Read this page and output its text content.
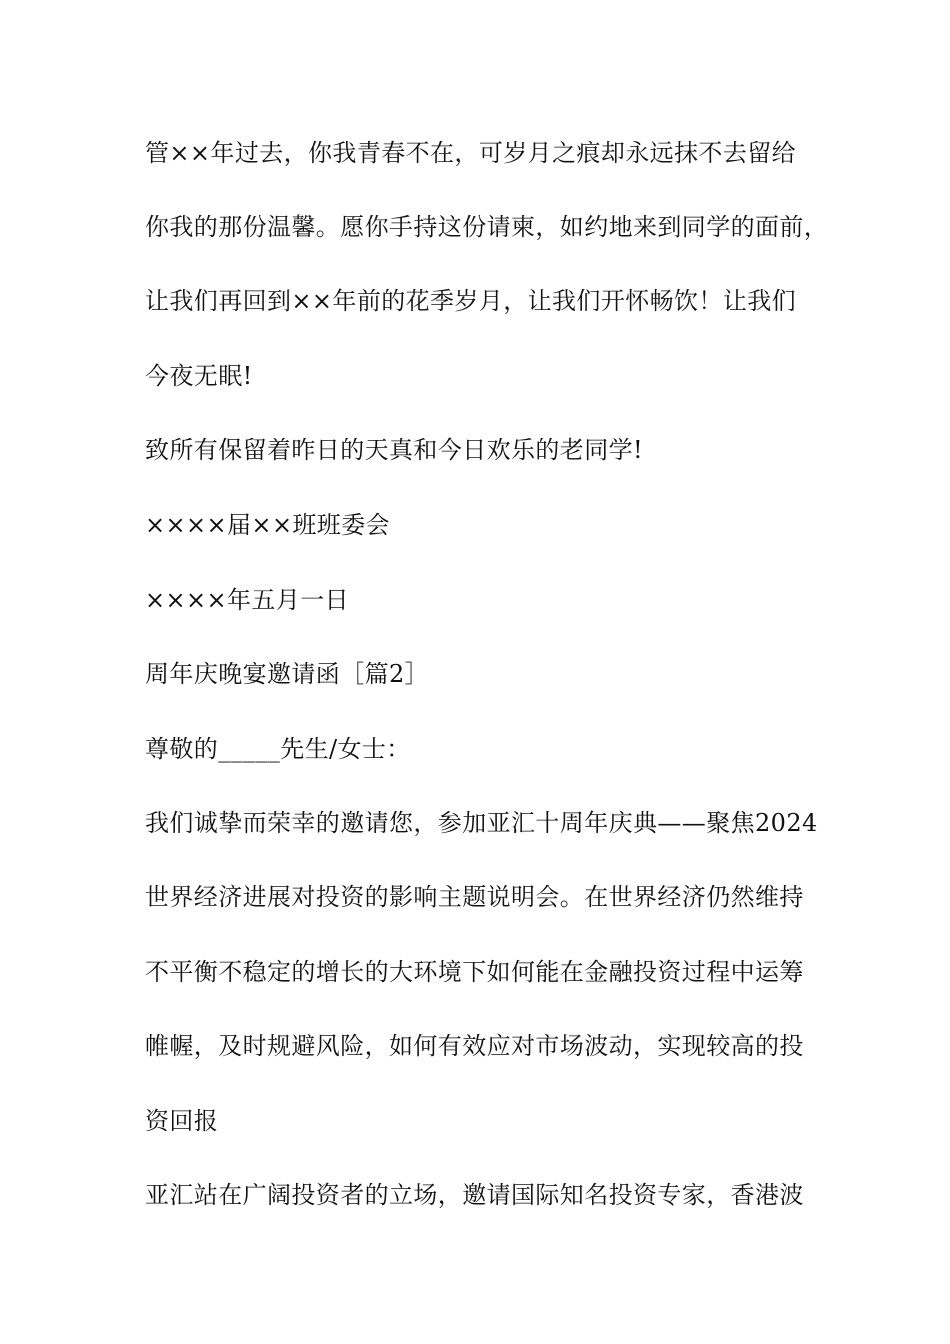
管××年过去，你我青春不在，可岁月之痕却永远抹不去留给
你我的那份温馨。愿你手持这份请柬，如约地来到同学的面前，
让我们再回到××年前的花季岁月，让我们开怀畅饮！让我们
今夜无眠!
致所有保留着昨日的天真和今日欢乐的老同学!
××××届××班班委会
××××年五月一日
周年庆晚宴邀请函［篇2］
尊敬的_____先生/女士：
我们诚挚而荣幸的邀请您，参加亚汇十周年庆典——聚焦2024
世界经济进展对投资的影响主题说明会。在世界经济仍然维持
不平衡不稳定的增长的大环境下如何能在金融投资过程中运筹
帷幄，及时规避风险，如何有效应对市场波动，实现较高的投
资回报
亚汇站在广阔投资者的立场，邀请国际知名投资专家，香港波
